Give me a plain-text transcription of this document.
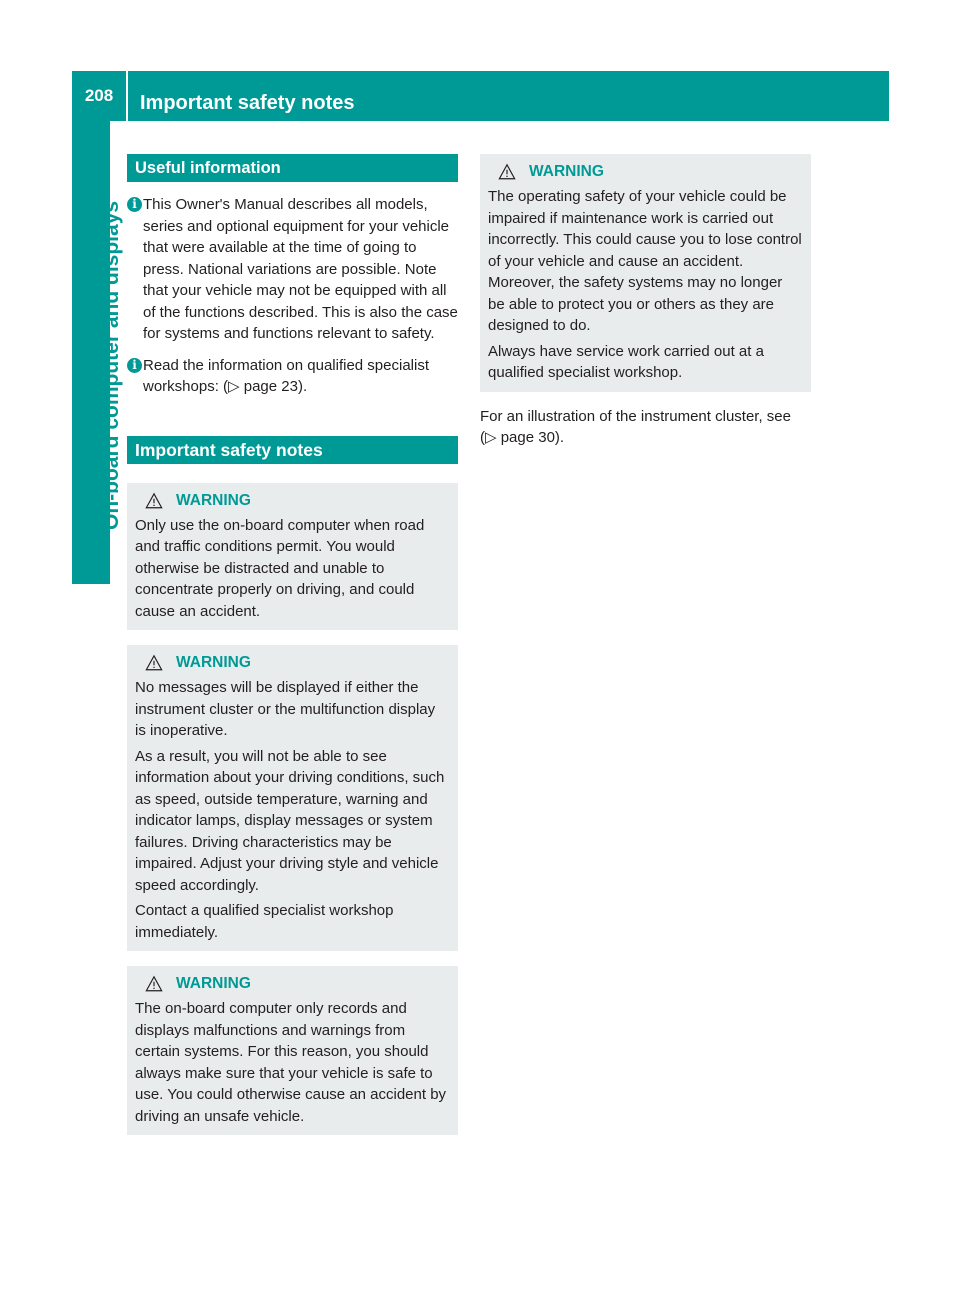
208	Important safety notes
On-board computer and displays
Useful information
i This Owner's Manual describes all models, series and optional equipment for your vehicle that were available at the time of going to press. National variations are possible. Note that your vehicle may not be equipped with all of the functions described. This is also the case for systems and functions relevant to safety.
i Read the information on qualified specialist workshops: (▷ page 23).
Important safety notes
WARNING

Only use the on-board computer when road and traffic conditions permit. You would otherwise be distracted and unable to concentrate properly on driving, and could cause an accident.

WARNING

No messages will be displayed if either the instrument cluster or the multifunction display is inoperative.

As a result, you will not be able to see information about your driving conditions, such as speed, outside temperature, warning and indicator lamps, display messages or system failures. Driving characteristics may be impaired. Adjust your driving style and vehicle speed accordingly.

Contact a qualified specialist workshop immediately.

WARNING

The on-board computer only records and displays malfunctions and warnings from certain systems. For this reason, you should always make sure that your vehicle is safe to use. You could otherwise cause an accident by driving an unsafe vehicle.

WARNING

The operating safety of your vehicle could be impaired if maintenance work is carried out incorrectly. This could cause you to lose control of your vehicle and cause an accident. Moreover, the safety systems may no longer be able to protect you or others as they are designed to do.

Always have service work carried out at a qualified specialist workshop.

For an illustration of the instrument cluster, see (▷ page 30).
